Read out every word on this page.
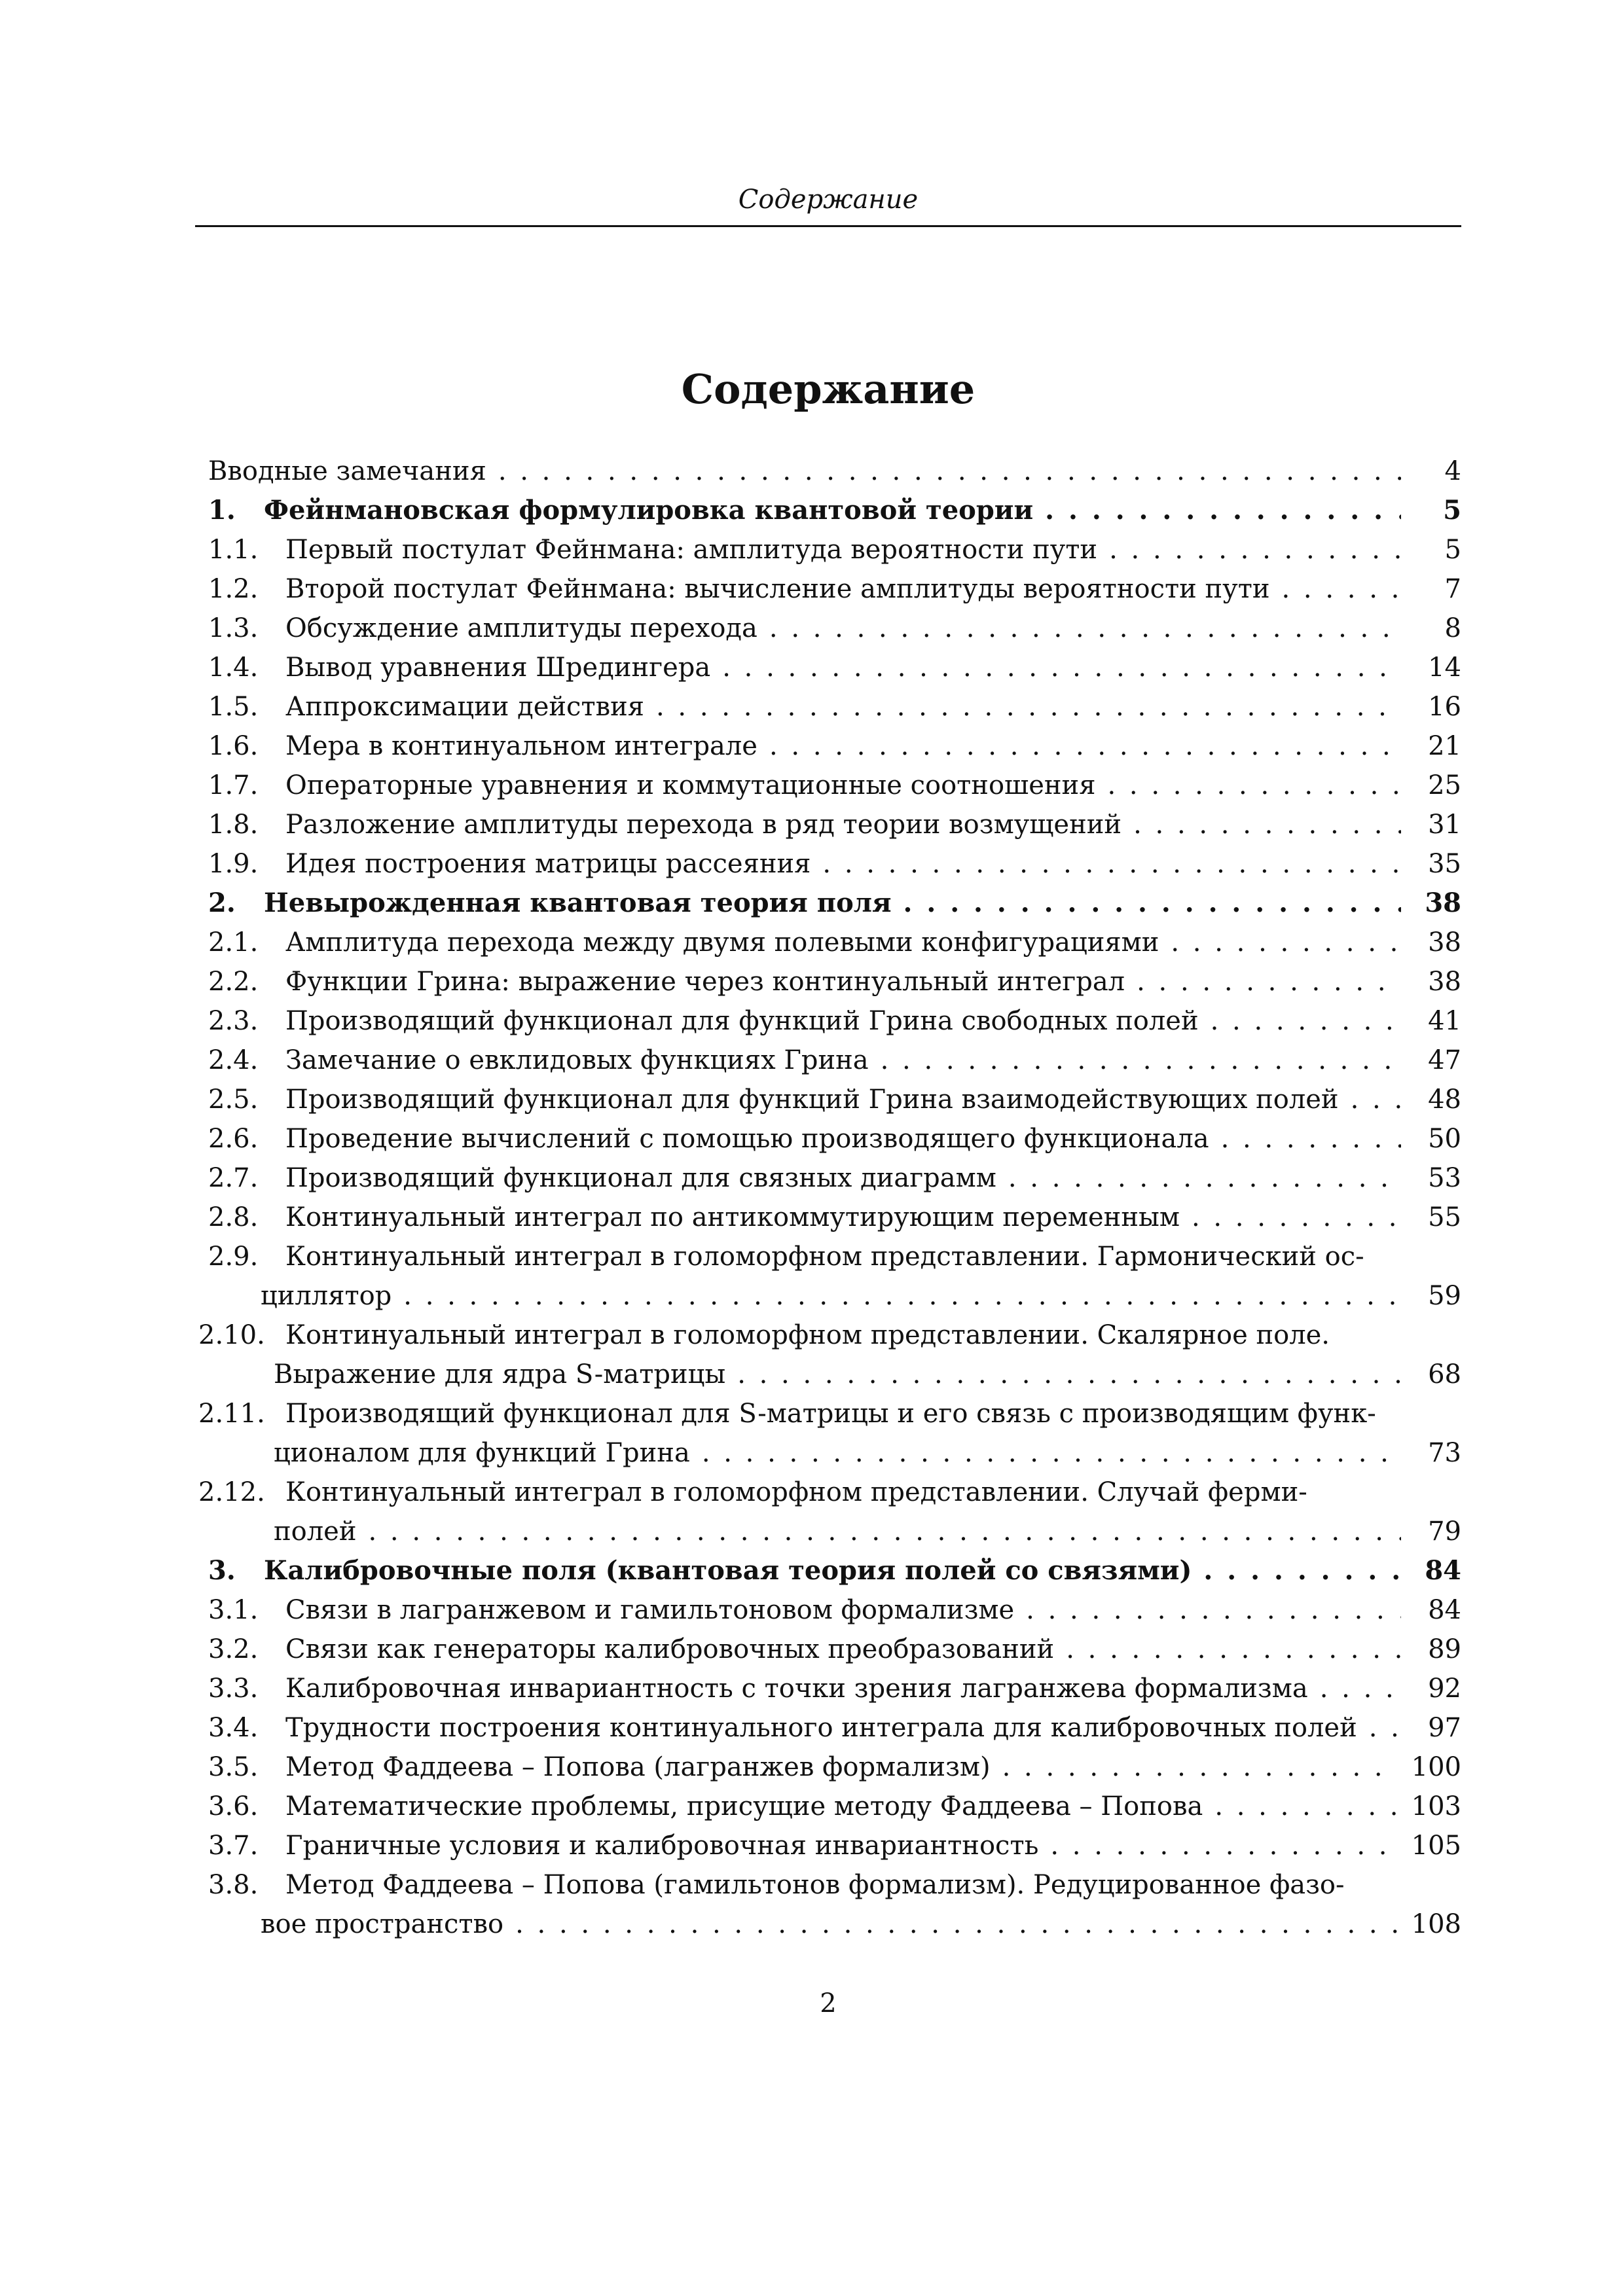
Содержание
Содержание
Вводные замечания . . .	4
1. Фейнмановская формулировка квантовой теории . . .	5
1.1. Первый постулат Фейнмана: амплитуда вероятности пути . . .	5
1.2. Второй постулат Фейнмана: вычисление амплитуды вероятности пути . . .	7
1.3. Обсуждение амплитуды перехода . . .	8
1.4. Вывод уравнения Шредингера . . .	14
1.5. Аппроксимации действия . . .	16
1.6. Мера в континуальном интеграле . . .	21
1.7. Операторные уравнения и коммутационные соотношения . . .	25
1.8. Разложение амплитуды перехода в ряд теории возмущений . . .	31
1.9. Идея построения матрицы рассеяния . . .	35
2. Невырожденная квантовая теория поля . . .	38
2.1. Амплитуда перехода между двумя полевыми конфигурациями . . .	38
2.2. Функции Грина: выражение через континуальный интеграл . . .	38
2.3. Производящий функционал для функций Грина свободных полей . . .	41
2.4. Замечание о евклидовых функциях Грина . . .	47
2.5. Производящий функционал для функций Грина взаимодействующих полей . . .	48
2.6. Проведение вычислений с помощью производящего функционала . . .	50
2.7. Производящий функционал для связных диаграмм . . .	53
2.8. Континуальный интеграл по антикоммутирующим переменным . . .	55
2.9.	Континуальный интеграл в голоморфном представлении. Гармонический ос-
циллятор . . .	59
2.10. Континуальный интеграл в голоморфном представлении. Скалярное поле.
Выражение для ядра S-матрицы . . .	68
2.11. Производящий функционал для S-матрицы и его связь с производящим функ-
ционалом для функций Грина . . .	73
2.12. Континуальный интеграл в голоморфном представлении. Случай ферми-
полей . . .	79
3. Калибровочные поля (квантовая теория полей со связями) . . .	84
3.1. Связи в лагранжевом и гамильтоновом формализме . . .	84
3.2. Связи как генераторы калибровочных преобразований . . .	89
3.3. Калибровочная инвариантность с точки зрения лагранжева формализма . . .	92
3.4. Трудности построения континуального интеграла для калибровочных полей . . .	97
3.5. Метод Фаддеева – Попова (лагранжев формализм) . . .	100
3.6. Математические проблемы, присущие методу Фаддеева – Попова . . .	103
3.7. Граничные условия и калибровочная инвариантность . . .	105
3.8.	Метод Фаддеева – Попова (гамильтонов формализм). Редуцированное фазо-
вое пространство . . .	108
2
